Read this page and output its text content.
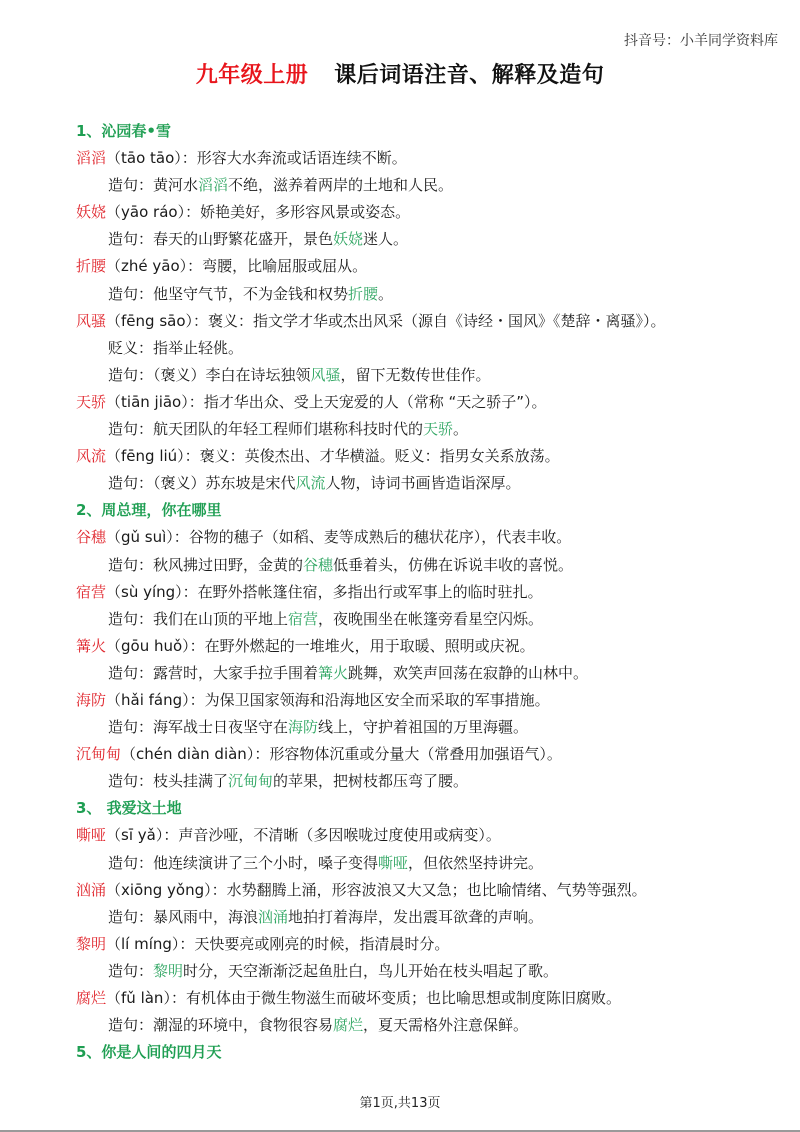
抖音号：小羊同学资料库
九年级上册 课后词语注音、解释及造句
1、沁园春•雪
滔滔（tāo tāo）：形容大水奔流或话语连续不断。
造句：黄河水滔滔不绝，滋养着两岸的土地和人民。
妖娆（yāo ráo）：娇艳美好，多形容风景或姿态。
造句：春天的山野繁花盛开，景色妖娆迷人。
折腰（zhé yāo）：弯腰，比喻屈服或屈从。
造句：他坚守气节，不为金钱和权势折腰。
风骚（fēng sāo）：褒义：指文学才华或杰出风采（源自《诗经・国风》《楚辞・离骚》）。
贬义：指举止轻佻。
造句：（褒义）李白在诗坛独领风骚，留下无数传世佳作。
天骄（tiān jiāo）：指才华出众、受上天宠爱的人（常称 “天之骄子”）。
造句：航天团队的年轻工程师们堪称科技时代的天骄。
风流（fēng liú）：褒义：英俊杰出、才华横溢。贬义：指男女关系放荡。
造句：（褒义）苏东坡是宋代风流人物，诗词书画皆造诣深厚。
2、周总理，你在哪里
谷穗（gǔ suì）：谷物的穗子（如稻、麦等成熟后的穗状花序），代表丰收。
造句：秋风拂过田野，金黄的谷穗低垂着头，仿佛在诉说丰收的喜悦。
宿营（sù yíng）：在野外搭帐篷住宿，多指出行或军事上的临时驻扎。
造句：我们在山顶的平地上宿营，夜晚围坐在帐篷旁看星空闪烁。
篝火（gōu huǒ）：在野外燃起的一堆堆火，用于取暖、照明或庆祝。
造句：露营时，大家手拉手围着篝火跳舞，欢笑声回荡在寂静的山林中。
海防（hǎi fáng）：为保卫国家领海和沿海地区安全而采取的军事措施。
造句：海军战士日夜坚守在海防线上，守护着祖国的万里海疆。
沉甸甸（chén diàn diàn）：形容物体沉重或分量大（常叠用加强语气）。
造句：枝头挂满了沉甸甸的苹果，把树枝都压弯了腰。
3、 我爱这土地
嘶哑（sī yǎ）：声音沙哑，不清晰（多因喉咙过度使用或病变）。
造句：他连续演讲了三个小时，嗓子变得嘶哑，但依然坚持讲完。
汹涌（xiōng yǒng）：水势翻腾上涌，形容波浪又大又急；也比喻情绪、气势等强烈。
造句：暴风雨中，海浪汹涌地拍打着海岸，发出震耳欲聋的声响。
黎明（lí míng）：天快要亮或刚亮的时候，指清晨时分。
造句：黎明时分，天空渐渐泛起鱼肚白，鸟儿开始在枝头唱起了歌。
腐烂（fǔ làn）：有机体由于微生物滋生而破坏变质；也比喻思想或制度陈旧腐败。
造句：潮湿的环境中，食物很容易腐烂，夏天需格外注意保鲜。
5、你是人间的四月天
第1页,共13页
